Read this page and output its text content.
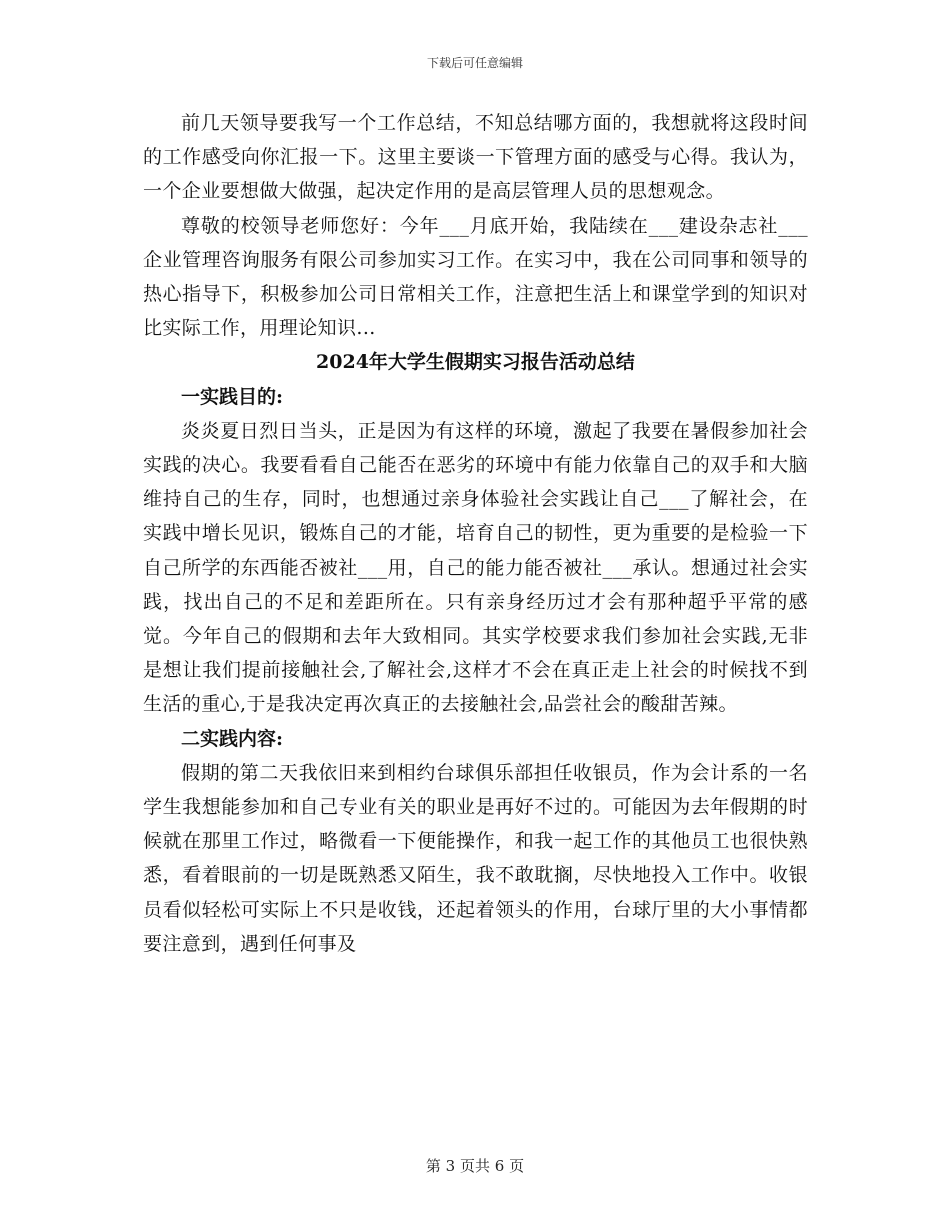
下载后可任意编辑

前几天领导要我写一个工作总结，不知总结哪方面的，我想就将这段时间的工作感受向你汇报一下。这里主要谈一下管理方面的感受与心得。我认为，一个企业要想做大做强，起决定作用的是高层管理人员的思想观念。

尊敬的校领导老师您好：今年___月底开始，我陆续在___建设杂志社___企业管理咨询服务有限公司参加实习工作。在实习中，我在公司同事和领导的热心指导下，积极参加公司日常相关工作，注意把生活上和课堂学到的知识对比实际工作，用理论知识...

2024年大学生假期实习报告活动总结
一实践目的:

炎炎夏日烈日当头，正是因为有这样的环境，激起了我要在暑假参加社会实践的决心。我要看看自己能否在恶劣的环境中有能力依靠自己的双手和大脑维持自己的生存，同时，也想通过亲身体验社会实践让自己___了解社会，在实践中增长见识，锻炼自己的才能，培育自己的韧性，更为重要的是检验一下自己所学的东西能否被社___用，自己的能力能否被社___承认。想通过社会实践，找出自己的不足和差距所在。只有亲身经历过才会有那种超乎平常的感觉。今年自己的假期和去年大致相同。其实学校要求我们参加社会实践,无非是想让我们提前接触社会,了解社会,这样才不会在真正走上社会的时候找不到生活的重心,于是我决定再次真正的去接触社会,品尝社会的酸甜苦辣。

二实践内容:

假期的第二天我依旧来到相约台球俱乐部担任收银员，作为会计系的一名学生我想能参加和自己专业有关的职业是再好不过的。可能因为去年假期的时候就在那里工作过，略微看一下便能操作，和我一起工作的其他员工也很快熟悉，看着眼前的一切是既熟悉又陌生，我不敢耽搁，尽快地投入工作中。收银员看似轻松可实际上不只是收钱，还起着领头的作用，台球厅里的大小事情都要注意到，遇到任何事及

第 3 页共 6 页
